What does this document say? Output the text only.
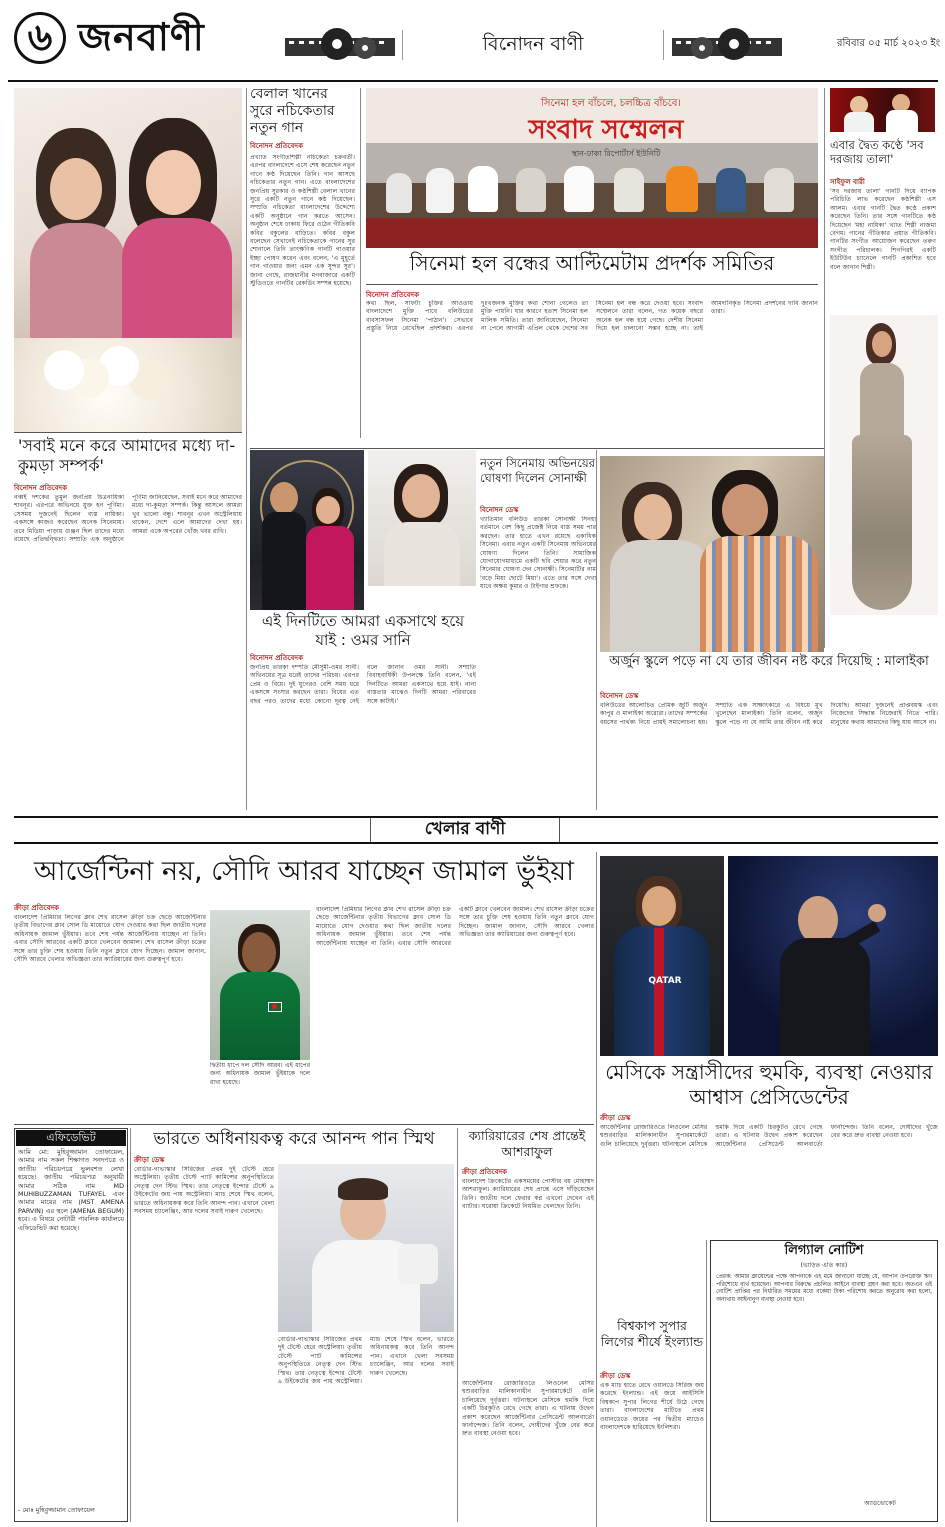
৬ জনবাণী	বিনোদন বাণী	রবিবার ০৫ মার্চ ২০২৩ ইং
বেলাল খানের সুরে নচিকেতার নতুন গান
বিনোদন প্রতিবেদক
প্রখ্যাত সংগীতশিল্পী নচিকেতা চক্রবর্তী। এরপর বাংলাদেশে এসে শেষ করেছেন নতুন গানে কণ্ঠ দিয়েছেন তিনি। গান আসছে নচিকেতার নতুন গান। এতে বাংলাদেশের জনপ্রিয় সুরকার ও কণ্ঠশিল্পী বেলাল খানের সুরে একটি নতুন গানে কণ্ঠ দিয়েছেন। সম্প্রতি নচিকেতা বাংলাদেশের উদ্দেশ্যে একটি অনুষ্ঠানে গান করতে আসেন। অনুষ্ঠান শেষে ঢাকায় ফিরে ওঠেন গীতিকবি কবির বকুলের বাড়িতে। কবির বকুল বলেছেন সেখানেই নচিকেতাকে গানের সুর শোনালে তিনি তাৎক্ষণিক গানটি গাওয়ার ইচ্ছা পোষণ করেন এবং বলেন, 'এ মুহূর্তে গান গাওয়ার জন্য এমন এক সুন্দর সুর'। জানা গেছে, রাজধানীর মগবাজারে একটি স্টুডিওতে গানটির রেকর্ডিং সম্পন্ন হয়েছে।
সিনেমা হল বাঁচলে, চলচ্চিত্র বাঁচবে।
সংবাদ সম্মেলন
স্থান-ঢাকা রিপোর্টার্স ইউনিটি
এবার দ্বৈত কণ্ঠে 'সব দরজায় তালা'
সাইফুল বারী
'সব দরজায় তালা' গানটি দিয়ে ব্যাপক পরিচিতি লাভ করেছেন কণ্ঠশিল্পী এস আলম। এবার গানটি দ্বৈত কণ্ঠে প্রকাশ করেছেন তিনি। তার সঙ্গে গানটিতে কণ্ঠ দিয়েছেন 'মহা নায়িকা' খ্যাত শিল্পী নাজমা বেগম। গানের গীতিকার প্রয়াত গীতিকবি। গানটির সংগীত আয়োজন করেছেন তরুণ সংগীত পরিচালক। শিগগিরই একটি ইউটিউব চ্যানেলে গানটি প্রকাশিত হবে বলে জানান শিল্পী।
সিনেমা হল বন্ধের আল্টিমেটাম প্রদর্শক সমিতির
বিনোদন প্রতিবেদক
কথা ছিল, সাফটা চুক্তির আওতায় বাংলাদেশে মুক্তি পাবে বলিউডের ব্যবসাসফল সিনেমা 'পাঠান'। সেভাবে প্রস্তুতি নিয়ে রেখেছিল প্রদর্শকরা। এরপর দুঃখজনক মুক্তির কথা শোনা গেলেও তা মুক্তি পায়নি। যার কারণে হতাশ সিনেমা হল মালিক সমিতি। তারা জানিয়েছেন, সিনেমা না পেলে আগামী এপ্রিল থেকে দেশের সব সিনেমা হল বন্ধ করে দেওয়া হবে। সংবাদ সম্মেলনে তারা বলেন, গত কয়েক বছরে অনেক হল বন্ধ হয়ে গেছে। দেশীয় সিনেমা দিয়ে হল চালানো সম্ভব হচ্ছে না। তাই আমদানিকৃত সিনেমা প্রদর্শনের দাবি জানান তারা।
'সবাই মনে করে আমাদের মধ্যে দা-কুমড়া সম্পর্ক'
বিনোদন প্রতিবেদক
নব্বই দশকের তুমুল জনপ্রিয় চিত্রনায়িকা শাবনূর। এরপরে অভিনয়ে যুক্ত হন পূর্ণিমা। সেসময় দুজনেই ছিলেন ব্যস্ত নায়িকা। একসঙ্গে কাজও করেছেন অনেক সিনেমায়। তবে মিডিয়া পাড়ায় গুঞ্জন ছিল তাদের মধ্যে রয়েছে প্রতিদ্বন্দ্বিতা। সম্প্রতি এক অনুষ্ঠানে পূর্ণিমা জানিয়েছেন, সবাই মনে করে আমাদের মধ্যে দা-কুমড়া সম্পর্ক। কিন্তু আসলে আমরা খুব ভালো বন্ধু। শাবনূর এখন অস্ট্রেলিয়ায় থাকেন, দেশে এলে আমাদের দেখা হয়। আমরা একে অপরের খোঁজ খবর রাখি।
নতুন সিনেমায় অভিনয়ের ঘোষণা দিলেন সোনাক্ষী
বিনোদন ডেস্ক
খ্যাতিমান বলিউড তারকা সোনাক্ষী সিনহা বর্তমানে বেশ কিছু প্রজেক্ট নিয়ে ব্যস্ত সময় পার করছেন। তার হাতে এখন রয়েছে একাধিক সিনেমা। এবার নতুন একটি সিনেমায় অভিনয়ের ঘোষণা দিলেন তিনি। সামাজিক যোগাযোগমাধ্যমে একটি ছবি শেয়ার করে নতুন সিনেমার ঘোষণা দেন সোনাক্ষী। সিনেমাটির নাম 'বড়ে মিয়া ছোটে মিয়া'। এতে তার সঙ্গে দেখা যাবে অক্ষয় কুমার ও টাইগার শ্রফকে।
এই দিনটিতে আমরা একসাথে হয়ে যাই : ওমর সানি
বিনোদন প্রতিবেদক
জনপ্রিয় তারকা দম্পতি মৌসুমী-ওমর সানী। অভিনয়ের সূত্র ধরেই তাদের পরিচয়। এরপর প্রেম ও বিয়ে। দুই যুগেরও বেশি সময় ধরে একসঙ্গে সংসার করছেন তারা। বিয়ের এত বছর পরও তাদের মধ্যে কোনো দূরত্ব নেই বলে জানান ওমর সানী। সম্প্রতি বিবাহবার্ষিকী উপলক্ষে তিনি বলেন, 'এই দিনটিতে আমরা একসাথে হয়ে যাই। নানা ব্যস্ততার মাঝেও দিনটি আমরা পরিবারের সঙ্গে কাটাই।'
অর্জুন স্কুলে পড়ে না যে তার জীবন নষ্ট করে দিয়েছি : মালাইকা
বিনোদন ডেস্ক
বলিউডের আলোচিত প্রেমিক জুটি অর্জুন কাপুর ও মালাইকা অরোরা। তাদের সম্পর্কের বয়সের পার্থক্য নিয়ে প্রায়ই সমালোচনা হয়। সম্প্রতি এক সাক্ষাৎকারে এ বিষয়ে মুখ খুলেছেন মালাইকা। তিনি বলেন, অর্জুন স্কুলে পড়ে না যে আমি তার জীবন নষ্ট করে দিয়েছি। আমরা দুজনেই প্রাপ্তবয়স্ক এবং নিজেদের সিদ্ধান্ত নিজেরাই নিতে পারি। মানুষের কথায় আমাদের কিছু যায় আসে না।
খেলার বাণী
আর্জেন্টিনা নয়, সৌদি আরব যাচ্ছেন জামাল ভুঁইয়া
ক্রীড়া প্রতিবেদক
বাংলাদেশ প্রিমিয়ার লিগের ক্লাব শেখ রাসেল ক্রীড়া চক্র ছেড়ে আর্জেন্টিনার তৃতীয় বিভাগের ক্লাব সোল ডি মায়োতে যোগ দেওয়ার কথা ছিল জাতীয় দলের অধিনায়ক জামাল ভুঁইয়ার। তবে শেষ পর্যন্ত আর্জেন্টিনায় যাচ্ছেন না তিনি। এবার সৌদি আরবের একটি ক্লাবে খেলবেন জামাল। শেখ রাসেল ক্রীড়া চক্রের সঙ্গে তার চুক্তি শেষ হওয়ায় তিনি নতুন ক্লাবে যোগ দিচ্ছেন। জামাল জানান, সৌদি আরবে খেলার অভিজ্ঞতা তার ক্যারিয়ারের জন্য গুরুত্বপূর্ণ হবে।
দ্বিতীয় ধাপে দল সৌদি আরব। এই ধাপের জন্য অধিনায়ক জামাল ভুঁইয়াকে দলে রাখা হয়েছে।
বাংলাদেশ প্রিমিয়ার লিগের ক্লাব শেখ রাসেল ক্রীড়া চক্র ছেড়ে আর্জেন্টিনার তৃতীয় বিভাগের ক্লাব সোল ডি মায়োতে যোগ দেওয়ার কথা ছিল জাতীয় দলের অধিনায়ক জামাল ভুঁইয়ার। তবে শেষ পর্যন্ত আর্জেন্টিনায় যাচ্ছেন না তিনি। এবার সৌদি আরবের একটি ক্লাবে খেলবেন জামাল। শেখ রাসেল ক্রীড়া চক্রের সঙ্গে তার চুক্তি শেষ হওয়ায় তিনি নতুন ক্লাবে যোগ দিচ্ছেন। জামাল জানান, সৌদি আরবে খেলার অভিজ্ঞতা তার ক্যারিয়ারের জন্য গুরুত্বপূর্ণ হবে।
QATAR
মেসিকে সন্ত্রাসীদের হুমকি, ব্যবস্থা নেওয়ার আশ্বাস প্রেসিডেন্টের
ক্রীড়া ডেস্ক
আর্জেন্টিনার রোজারিওতে লিওনেল মেসির শ্বশুরবাড়ির মালিকানাধীন সুপারমার্কেটে গুলি চালিয়েছে দুর্বৃত্তরা। ঘটনাস্থলে মেসিকে হুমকি দিয়ে একটি চিরকুটও রেখে গেছে তারা। এ ঘটনায় উদ্বেগ প্রকাশ করেছেন আর্জেন্টিনার প্রেসিডেন্ট আলবার্তো ফার্নান্দেজ। তিনি বলেন, দোষীদের খুঁজে বের করে দ্রুত ব্যবস্থা নেওয়া হবে।
এফিডেভিট
আমি মো: মুহিবুজ্জামান তোফায়েল, আমার নাম সকল শিক্ষাগত সনদপত্রে ও জাতীয় পরিচয়পত্রে ভুলবশত লেখা হয়েছে। জাতীয় পরিচয়পত্র অনুযায়ী আমার সঠিক নাম MD MUHIBUZZAMAN TUFAYEL এবং আমার মায়ের নাম (MST AMENA PARVIN) এর স্থলে (AMENA BEGUM) হবে। এ বিষয়ে নোটারী পাবলিক কার্যালয়ে এফিডেভিট করা হয়েছে।
- মোঃ মুহিবুজ্জামান তোফায়েল
ভারতে অধিনায়কত্ব করে আনন্দ পান স্মিথ
ক্রীড়া ডেস্ক
বোর্ডার-গাভাস্কার সিরিজের প্রথম দুই টেস্টে হেরে অস্ট্রেলিয়া। তৃতীয় টেস্টে প্যাট কামিন্সের অনুপস্থিতিতে নেতৃত্ব দেন স্টিভ স্মিথ। তার নেতৃত্বে ইন্দোর টেস্টে ৯ উইকেটের জয় পায় অস্ট্রেলিয়া। ম্যাচ শেষে স্মিথ বলেন, ভারতে অধিনায়কত্ব করে তিনি আনন্দ পান। এখানে খেলা সবসময় চ্যালেঞ্জিং, আর দলের সবাই দারুণ খেলেছে।
বোর্ডার-গাভাস্কার সিরিজের প্রথম দুই টেস্টে হেরে অস্ট্রেলিয়া। তৃতীয় টেস্টে প্যাট কামিন্সের অনুপস্থিতিতে নেতৃত্ব দেন স্টিভ স্মিথ। তার নেতৃত্বে ইন্দোর টেস্টে ৯ উইকেটের জয় পায় অস্ট্রেলিয়া। ম্যাচ শেষে স্মিথ বলেন, ভারতে অধিনায়কত্ব করে তিনি আনন্দ পান। এখানে খেলা সবসময় চ্যালেঞ্জিং, আর দলের সবাই দারুণ খেলেছে।
ক্যারিয়ারের শেষ প্রান্তেই আশরাফুল
ক্রীড়া প্রতিবেদক
বাংলাদেশ ক্রিকেটের একসময়ের পোস্টার বয় মোহাম্মদ আশরাফুল। ক্যারিয়ারের শেষ প্রান্তে এসে দাঁড়িয়েছেন তিনি। জাতীয় দলে ফেরার স্বপ্ন এখনো দেখেন এই ব্যাটার। ঘরোয়া ক্রিকেটে নিয়মিত খেলছেন তিনি।
বিশ্বকাপ সুপার লিগের শীর্ষে ইংল্যান্ড
ক্রীড়া ডেস্ক
এক ম্যাচ হাতে রেখে ওয়ানডে সিরিজ জয় করেছে ইংল্যান্ড। এই জয়ে আইসিসি বিশ্বকাপ সুপার লিগের শীর্ষে উঠে গেছে তারা। বাংলাদেশের মাটিতে প্রথম ওয়ানডেতে জয়ের পর দ্বিতীয় ম্যাচেও বাংলাদেশকে হারিয়েছে ইংলিশরা।
আর্জেন্টিনার রোজারিওতে লিওনেল মেসির শ্বশুরবাড়ির মালিকানাধীন সুপারমার্কেটে গুলি চালিয়েছে দুর্বৃত্তরা। ঘটনাস্থলে মেসিকে হুমকি দিয়ে একটি চিরকুটও রেখে গেছে তারা। এ ঘটনায় উদ্বেগ প্রকাশ করেছেন আর্জেন্টিনার প্রেসিডেন্ট আলবার্তো ফার্নান্দেজ। তিনি বলেন, দোষীদের খুঁজে বের করে দ্রুত ব্যবস্থা নেওয়া হবে।
লিগ্যাল নোটিশ
(ভাড়িত এতি কার)
প্রেরক: আমার ক্লায়েন্টের পক্ষে আপনাকে এই মর্মে জানানো যাচ্ছে যে, আপনি উপরোক্ত ঋণ পরিশোধে ব্যর্থ হয়েছেন। আপনার বিরুদ্ধে প্রচলিত আইনে ব্যবস্থা গ্রহণ করা হবে। অতএব এই নোটিশ প্রাপ্তির পর নির্ধারিত সময়ের মধ্যে বকেয়া টাকা পরিশোধ করতে অনুরোধ করা হলো, অন্যথায় আইনানুগ ব্যবস্থা নেওয়া হবে।
অ্যাডভোকেট
